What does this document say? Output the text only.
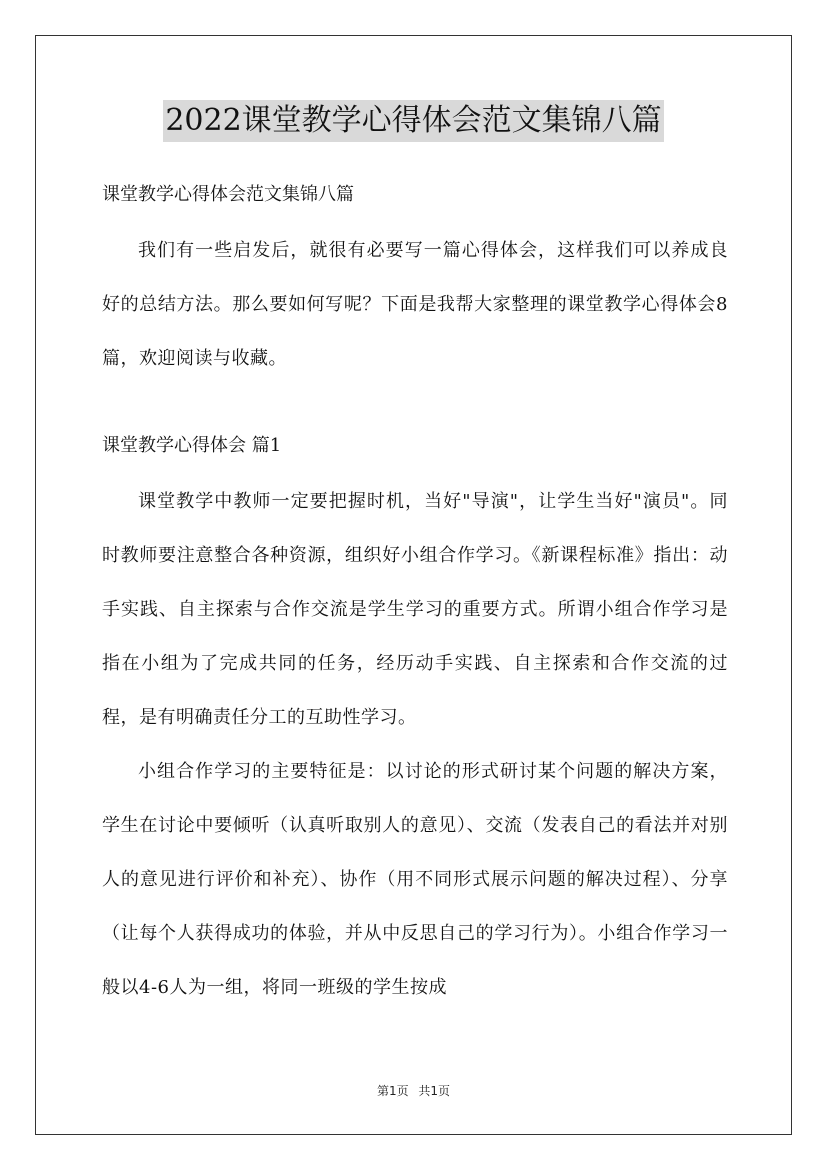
2022课堂教学心得体会范文集锦八篇

课堂教学心得体会范文集锦八篇

我们有一些启发后，就很有必要写一篇心得体会，这样我们可以养成良好的总结方法。那么要如何写呢？下面是我帮大家整理的课堂教学心得体会8篇，欢迎阅读与收藏。

课堂教学心得体会 篇1

课堂教学中教师一定要把握时机，当好"导演"，让学生当好"演员"。同时教师要注意整合各种资源，组织好小组合作学习。《新课程标准》指出：动手实践、自主探索与合作交流是学生学习的重要方式。所谓小组合作学习是指在小组为了完成共同的任务，经历动手实践、自主探索和合作交流的过程，是有明确责任分工的互助性学习。

小组合作学习的主要特征是：以讨论的形式研讨某个问题的解决方案，学生在讨论中要倾听（认真听取别人的意见）、交流（发表自己的看法并对别人的意见进行评价和补充）、协作（用不同形式展示问题的解决过程）、分享（让每个人获得成功的体验，并从中反思自己的学习行为）。小组合作学习一般以4-6人为一组，将同一班级的学生按成

第1页 共1页
